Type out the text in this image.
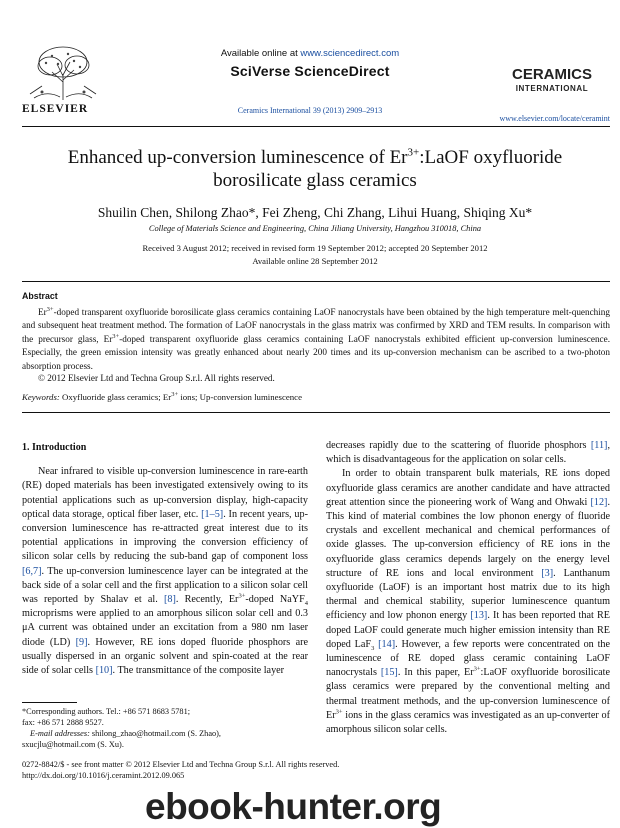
ELSEVIER
Available online at www.sciencedirect.com
SciVerse ScienceDirect
Ceramics International 39 (2013) 2909–2913
CERAMICS
INTERNATIONAL
www.elsevier.com/locate/ceramint
Enhanced up-conversion luminescence of $Er^{3+}:LaOF$ oxyfluoride
borosilicate glass ceramics
Shuilin Chen, Shilong Zhao*, Fei Zheng, Chi Zhang, Lihui Huang, Shiqing Xu*
College of Materials Science and Engineering, China Jiliang University, Hangzhou 310018, China
Received 3 August 2012; received in revised form 19 September 2012; accepted 20 September 2012
Available online 28 September 2012
Abstract
$Er^{3+}$-doped transparent oxyfluoride borosilicate glass ceramics containing LaOF nanocrystals have been obtained by the high temperature melt-quenching and subsequent heat treatment method. The formation of LaOF nanocrystals in the glass matrix was confirmed by XRD and TEM results. In comparison with the precursor glass, $Er^{3+}$-doped transparent oxyfluoride glass ceramics containing LaOF nanocrystals exhibited efficient up-conversion luminescence. Especially, the green emission intensity was greatly enhanced about nearly 200 times and its up-conversion mechanism can be ascribed to a two-photon absorption process.
© 2012 Elsevier Ltd and Techna Group S.r.l. All rights reserved.
Keywords: Oxyfluoride glass ceramics; $Er^{3+}$ ions; Up-conversion luminescence
1. Introduction

Near infrared to visible up-conversion luminescence in rare-earth (RE) doped materials has been investigated extensively owing to its potential applications such as up-conversion display, high-capacity optical data storage, optical fiber laser, etc. [1–5]. In recent years, up-conversion luminescence has re-attracted great interest due to its potential applications in improving the conversion efficiency of silicon solar cells by reducing the sub-band gap of component loss [6,7]. The up-conversion luminescence layer can be integrated at the back side of a solar cell and the first application to a silicon solar cell was reported by Shalav et al. [8]. Recently, $Er^{3+}$-doped NaYF$_4$ microprisms were applied to an amorphous silicon solar cell and 0.3 μA current was obtained under an excitation from a 980 nm laser diode (LD) [9]. However, RE ions doped fluoride phosphors are usually dispersed in an organic solvent and spin-coated at the rear side of solar cells [10]. The transmittance of the composite layer

decreases rapidly due to the scattering of fluoride phosphors [11], which is disadvantageous for the application on solar cells.

In order to obtain transparent bulk materials, RE ions doped oxyfluoride glass ceramics are another candidate and have attracted great attention since the pioneering work of Wang and Ohwaki [12]. This kind of material combines the low phonon energy of fluoride crystals and excellent mechanical and chemical performances of oxide glasses. The up-conversion efficiency of RE ions in the oxyfluoride glass ceramics depends largely on the energy level structure of RE ions and local environment [3]. Lanthanum oxyfluoride (LaOF) is an important host matrix due to its high thermal and chemical stability, superior luminescence quantum efficiency and low phonon energy [13]. It has been reported that RE doped LaOF could generate much higher emission intensity than RE doped LaF$_3$ [14]. However, a few reports were concentrated on the luminescence of RE doped glass ceramic containing LaOF nanocrystals [15]. In this paper, $Er^{3+}:LaOF$ oxyfluoride borosilicate glass ceramics were prepared by the conventional melting and thermal treatment methods, and the up-conversion luminescence of $Er^{3+}$ ions in the glass ceramics was investigated as an up-converter of amorphous silicon solar cells.

*Corresponding authors. Tel.: +86 571 8683 5781;
fax: +86 571 2888 9527.
E-mail addresses: shilong_zhao@hotmail.com (S. Zhao),
sxucjlu@hotmail.com (S. Xu).
0272-8842/$ - see front matter © 2012 Elsevier Ltd and Techna Group S.r.l. All rights reserved.
http://dx.doi.org/10.1016/j.ceramint.2012.09.065
ebook-hunter.org
